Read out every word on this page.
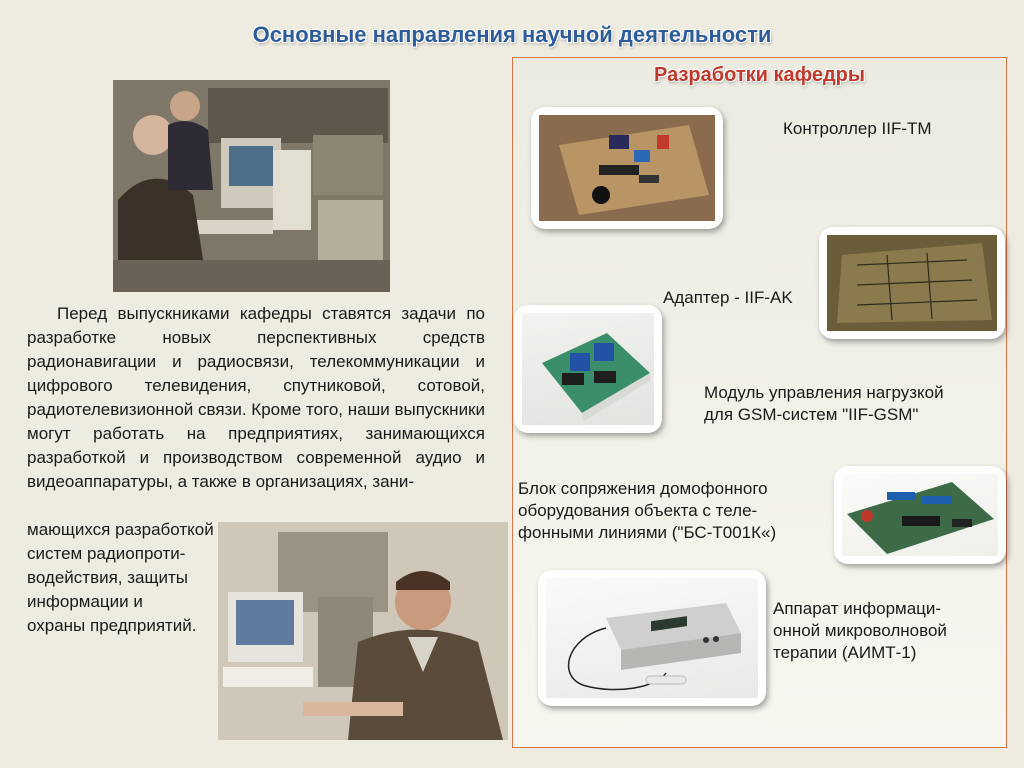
Основные направления научной деятельности
Перед выпускниками кафедры ставятся задачи по разработке новых перспективных средств радионавигации и радиосвязи, телекоммуникации и цифрового телевидения, спутниковой, сотовой, радиотелевизионной связи. Кроме того, наши выпускники могут работать на предприятиях, занимающихся разработкой и производством современной аудио и видеоаппаратуры, а также в организациях, зани-
мающихся разработкой
систем радиопроти-
водействия, защиты
информации и
охраны предприятий.
Разработки кафедры
Контроллер IIF-TM
Адаптер - IIF-AK
Модуль управления нагрузкой
для GSM-систем "IIF-GSM"
Блок сопряжения домофонного
оборудования объекта с теле-
фонными линиями ("БС-Т001К«)
Аппарат информаци-
онной микроволновой
терапии (АИМТ-1)
